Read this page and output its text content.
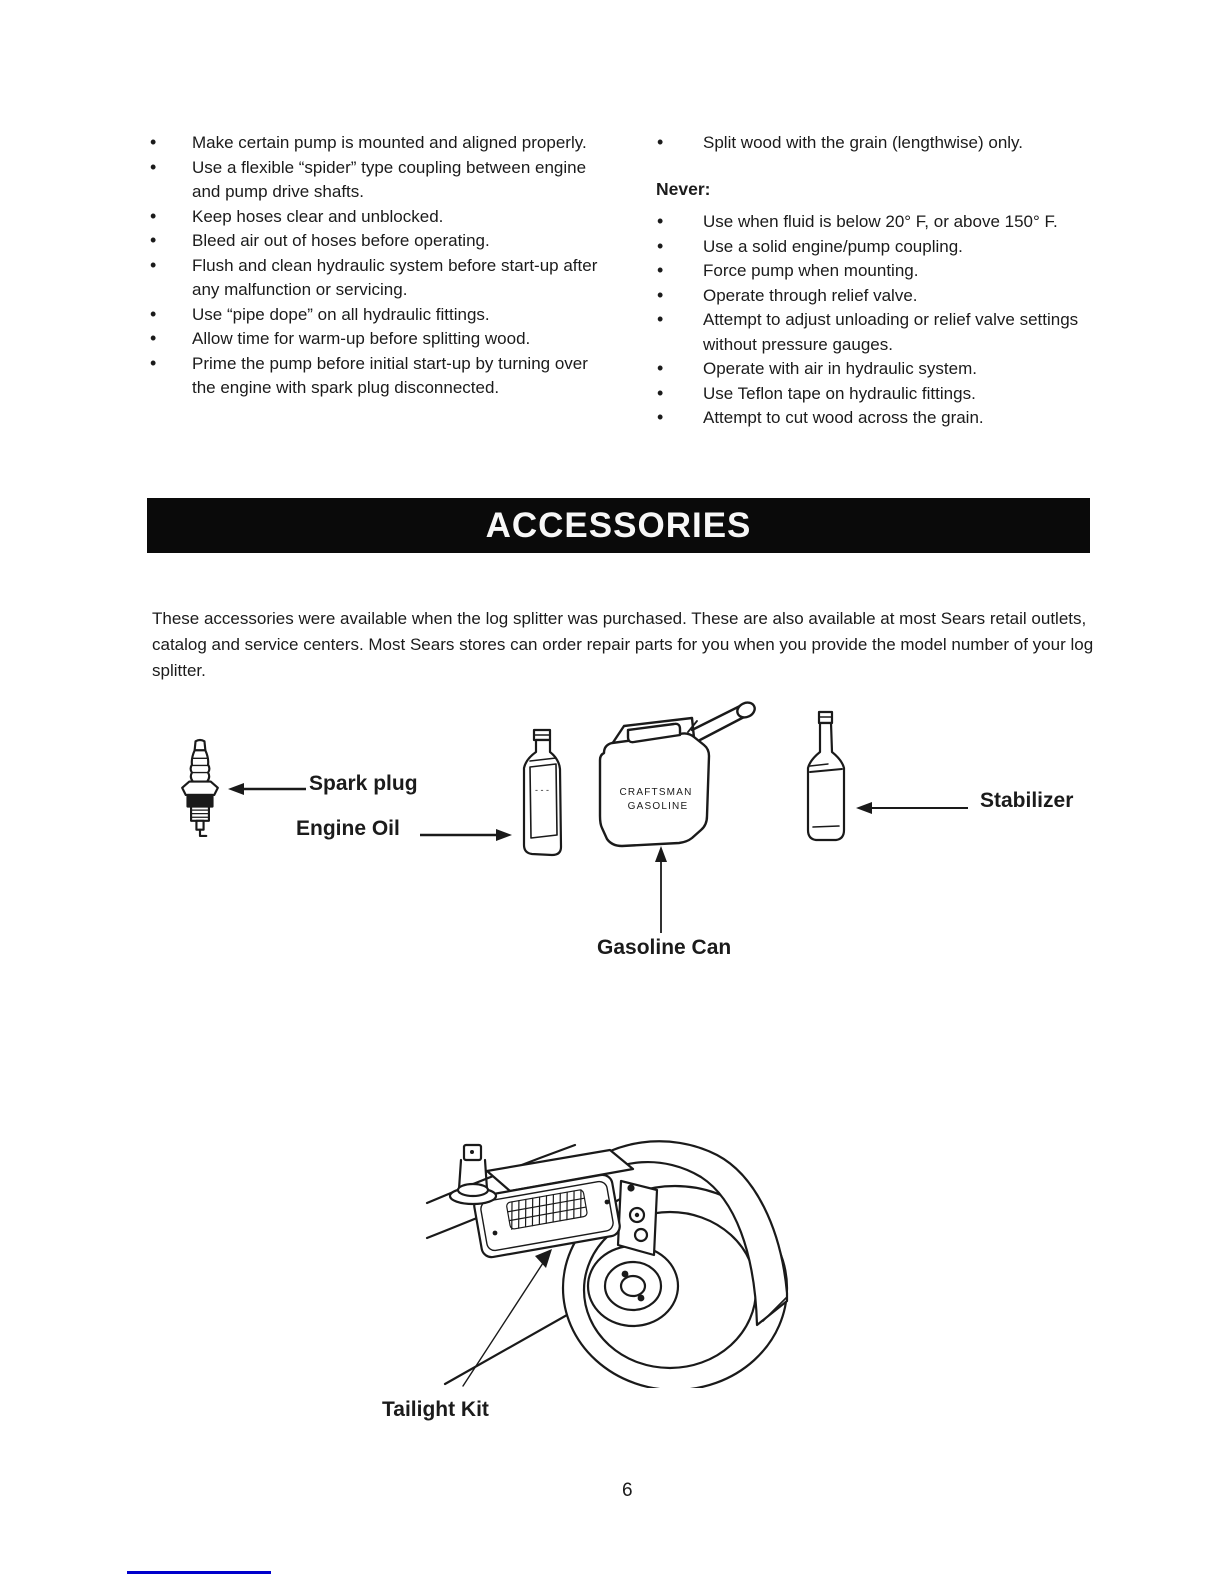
• Make certain pump is mounted and aligned properly.
• Use a flexible “spider” type coupling between engine and pump drive shafts.
• Keep hoses clear and unblocked.
• Bleed air out of hoses before operating.
• Flush and clean hydraulic system before start-up after any malfunction or servicing.
• Use “pipe dope” on all hydraulic fittings.
• Allow time for warm-up before splitting wood.
• Prime the pump before initial start-up by turning over the engine with spark plug disconnected.
• Split wood with the grain (lengthwise) only.
Never:
• Use when fluid is below 20° F, or above 150° F.
• Use a solid engine/pump coupling.
• Force pump when mounting.
• Operate through relief valve.
• Attempt to adjust unloading or relief valve settings without pressure gauges.
• Operate with air in hydraulic system.
• Use Teflon tape on hydraulic fittings.
• Attempt to cut wood across the grain.
ACCESSORIES

These accessories were available when the log splitter was purchased. These are also available at most Sears retail outlets, catalog and service centers. Most Sears stores can order repair parts for you when you provide the model number of your log splitter.

Spark plug
Engine Oil
- - -	CRAFTSMAN
GASOLINE
Gasoline Can
Stabilizer
Tailight Kit
6
